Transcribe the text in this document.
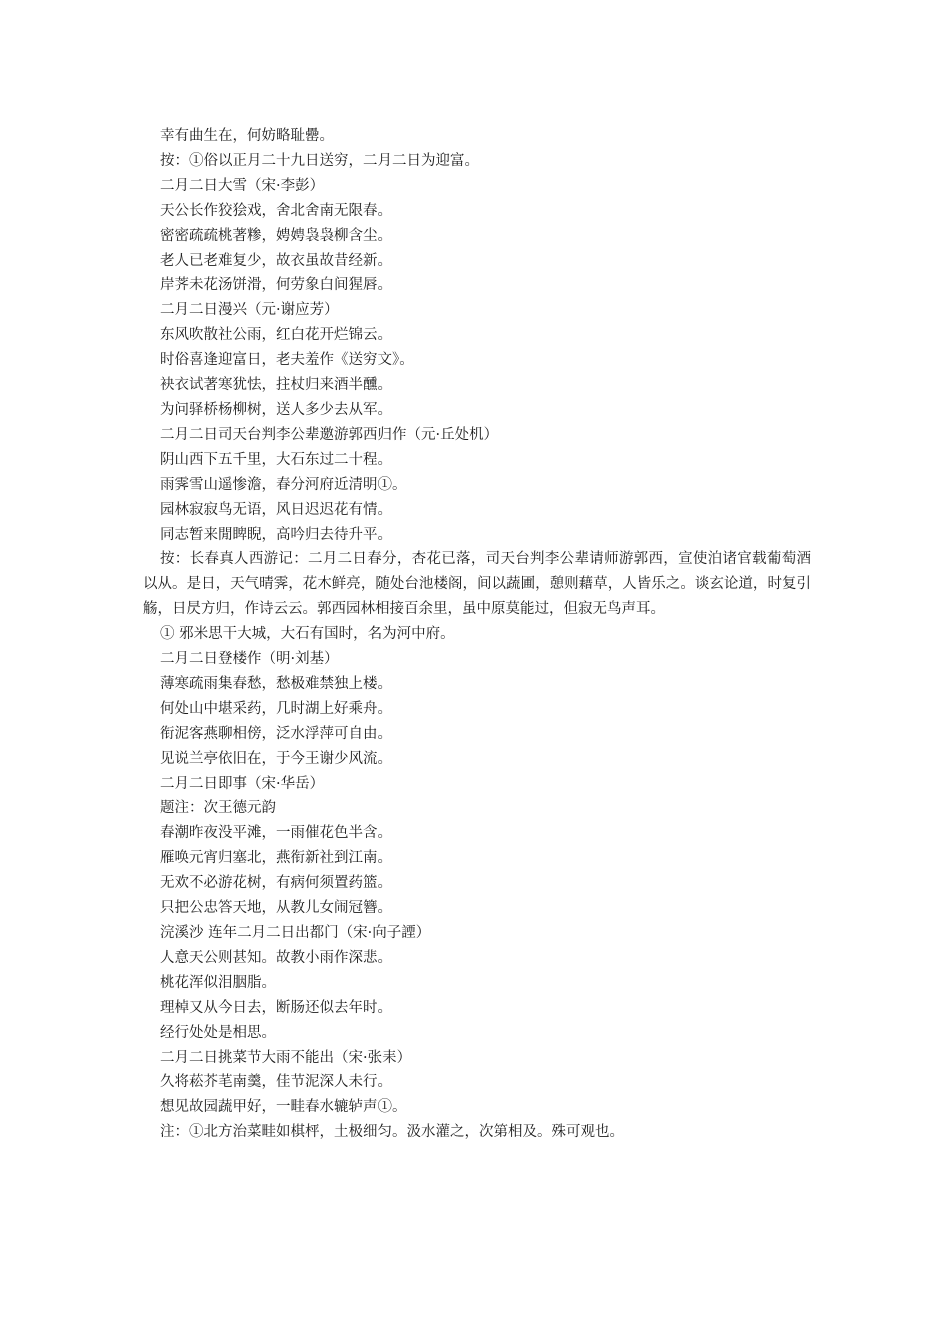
幸有曲生在，何妨略耻罍。
按：①俗以正月二十九日送穷，二月二日为迎富。
二月二日大雪（宋·李彭）
天公长作狡狯戏，舍北舍南无限春。
密密疏疏桃著糁，娉娉袅袅柳含尘。
老人已老难复少，故衣虽故昔经新。
岸荠未花汤饼滑，何劳象白间猩唇。
二月二日漫兴（元·谢应芳）
东风吹散社公雨，红白花开烂锦云。
时俗喜逢迎富日，老夫羞作《送穷文》。
袂衣试著寒犹怯，拄杖归来酒半醺。
为问驿桥杨柳树，送人多少去从军。
二月二日司天台判李公辈邀游郭西归作（元·丘处机）
阴山西下五千里，大石东过二十程。
雨霁雪山遥惨澹，春分河府近清明①。
园林寂寂鸟无语，风日迟迟花有情。
同志暂来閒睥睨，高吟归去待升平。
按：长春真人西游记：二月二日春分，杏花已落，司天台判李公辈请师游郭西，宣使泊诸官载葡萄酒以从。是日，天气晴霁，花木鲜亮，随处台池楼阁，间以蔬圃，憩则藉草，人皆乐之。谈玄论道，时复引觞，日昃方归，作诗云云。郭西园林相接百余里，虽中原莫能过，但寂无鸟声耳。
① 邪米思干大城，大石有国时，名为河中府。
二月二日登楼作（明·刘基）
薄寒疏雨集春愁，愁极难禁独上楼。
何处山中堪采药，几时湖上好乘舟。
衔泥客燕聊相傍，泛水浮萍可自由。
见说兰亭依旧在，于今王谢少风流。
二月二日即事（宋·华岳）
题注：次王德元韵
春潮昨夜没平滩，一雨催花色半含。
雁唤元宵归塞北，燕衔新社到江南。
无欢不必游花树，有病何须置药篮。
只把公忠答天地，从教儿女闹冠簪。
浣溪沙 连年二月二日出都门（宋·向子諲）
人意天公则甚知。故教小雨作深悲。
桃花浑似泪胭脂。
理棹又从今日去，断肠还似去年时。
经行处处是相思。
二月二日挑菜节大雨不能出（宋·张耒）
久将菘芥芼南羹，佳节泥深人未行。
想见故园蔬甲好，一畦春水辘轳声①。
注：①北方治菜畦如棋枰，土极细匀。汲水灌之，次第相及。殊可观也。
